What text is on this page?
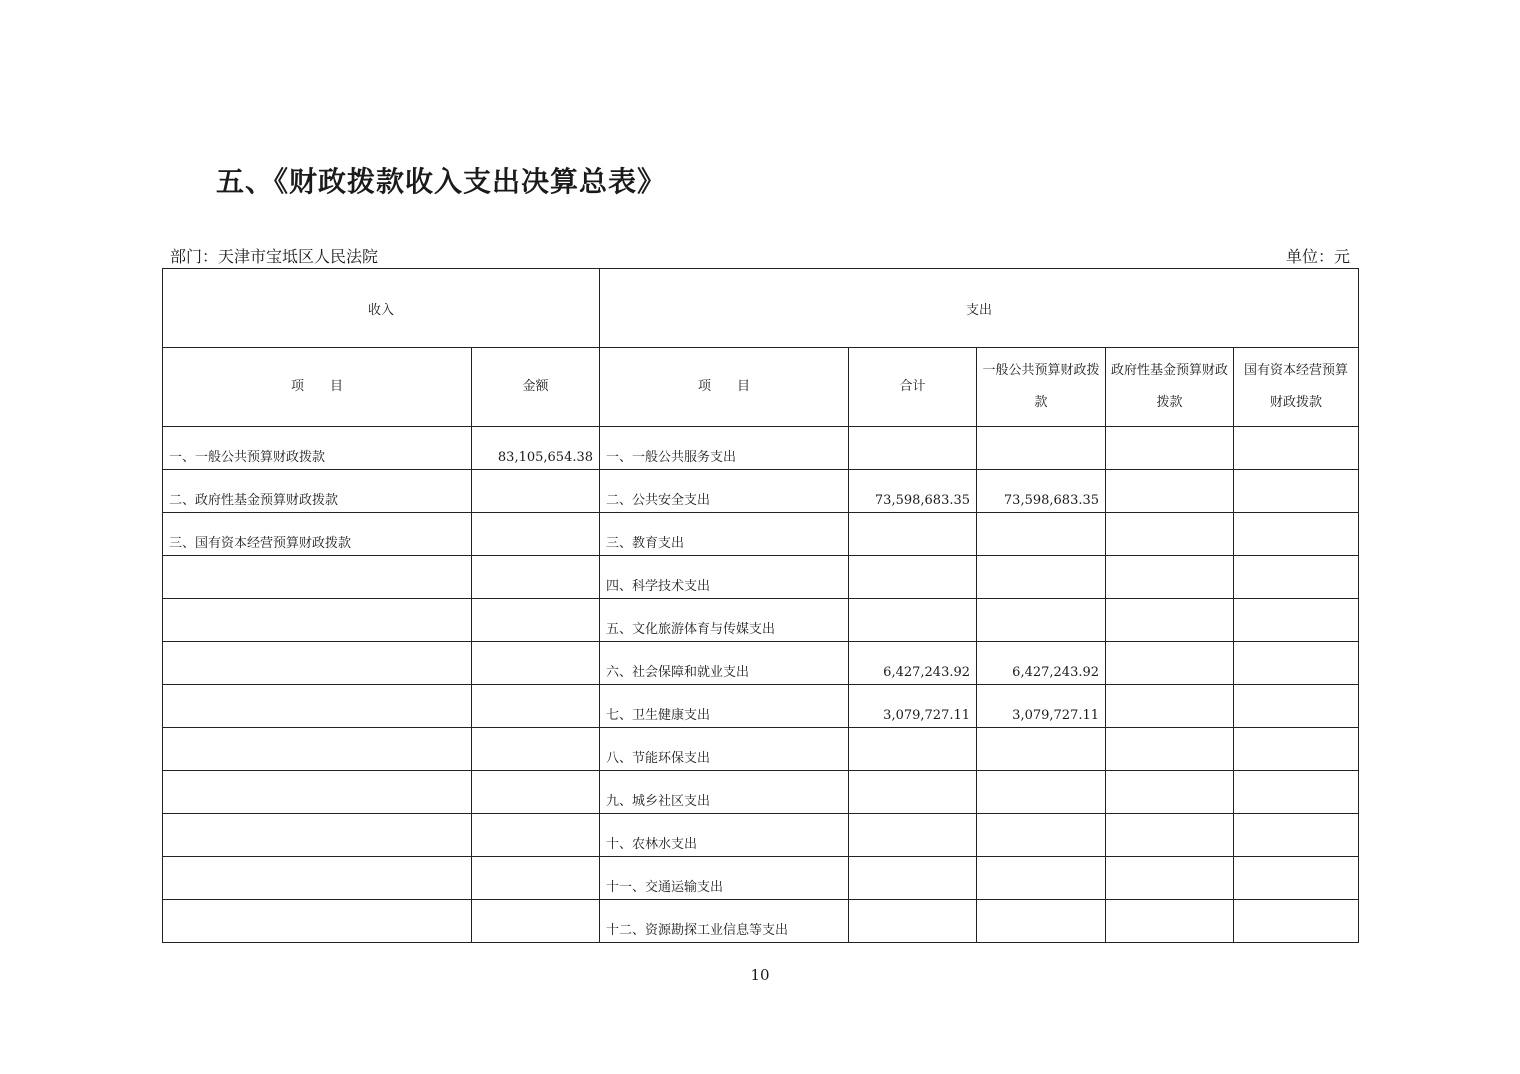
五、《财政拨款收入支出决算总表》
部门：天津市宝坻区人民法院	单位：元
收入		支出				
项　　目	金额	项　　目	合计	一般公共预算财政拨款	政府性基金预算财政拨款	国有资本经营预算财政拨款
一、一般公共预算财政拨款	83,105,654.38	一、一般公共服务支出				
二、政府性基金预算财政拨款		二、公共安全支出	73,598,683.35	73,598,683.35		
三、国有资本经营预算财政拨款		三、教育支出				
		四、科学技术支出				
		五、文化旅游体育与传媒支出				
		六、社会保障和就业支出	6,427,243.92	6,427,243.92		
		七、卫生健康支出	3,079,727.11	3,079,727.11		
		八、节能环保支出				
		九、城乡社区支出				
		十、农林水支出				
		十一、交通运输支出				
		十二、资源勘探工业信息等支出				
10
